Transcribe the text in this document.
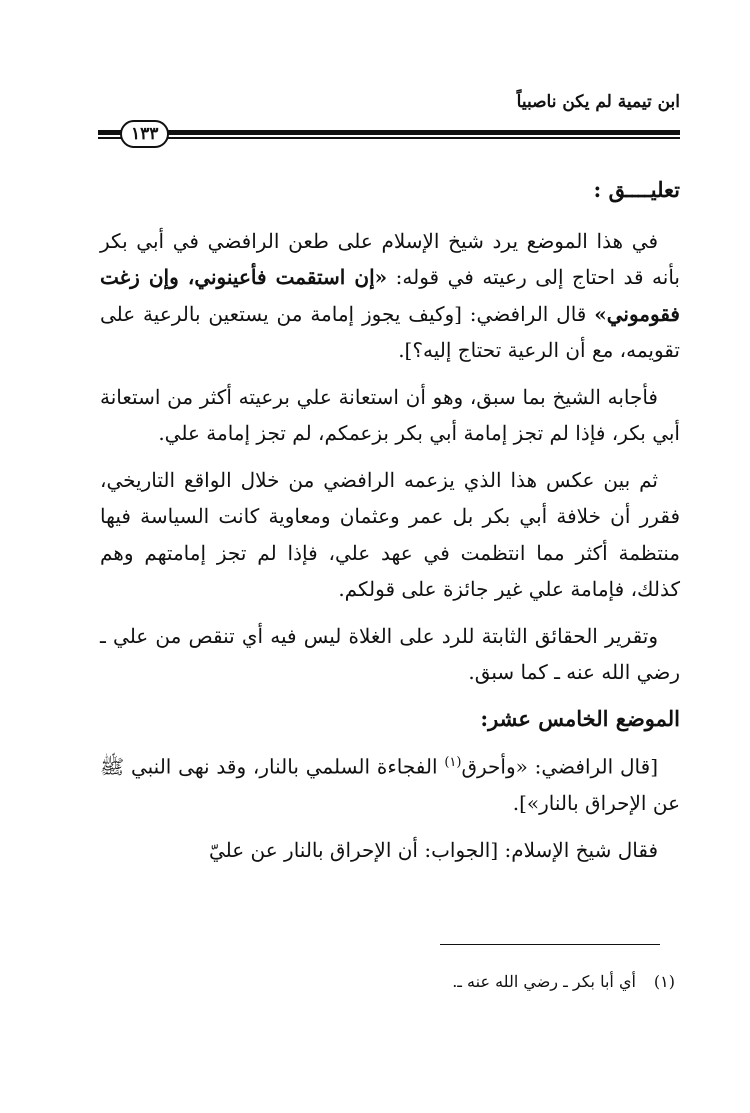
ابن تيمية لم يكن ناصبياً
١٣٣
تعليــــق :

في هذا الموضع يرد شيخ الإسلام على طعن الرافضي في أبي بكر بأنه قد احتاج إلى رعيته في قوله: «إن استقمت فأعينوني، وإن زغت فقوموني» قال الرافضي: [وكيف يجوز إمامة من يستعين بالرعية على تقويمه، مع أن الرعية تحتاج إليه؟].

فأجابه الشيخ بما سبق، وهو أن استعانة علي برعيته أكثر من استعانة أبي بكر، فإذا لم تجز إمامة أبي بكر بزعمكم، لم تجز إمامة علي.

ثم بين عكس هذا الذي يزعمه الرافضي من خلال الواقع التاريخي، فقرر أن خلافة أبي بكر بل عمر وعثمان ومعاوية كانت السياسة فيها منتظمة أكثر مما انتظمت في عهد علي، فإذا لم تجز إمامتهم وهم كذلك، فإمامة علي غير جائزة على قولكم.

وتقرير الحقائق الثابتة للرد على الغلاة ليس فيه أي تنقص من علي ـ رضي الله عنه ـ كما سبق.

الموضع الخامس عشر:

[قال الرافضي: «وأحرق$^{(١)}$ الفجاءة السلمي بالنار، وقد نهى النبي ﷺ عن الإحراق بالنار»].

فقال شيخ الإسلام: [الجواب: أن الإحراق بالنار عن عليّ

(١)أي أبا بكر ـ رضي الله عنه ـ.
